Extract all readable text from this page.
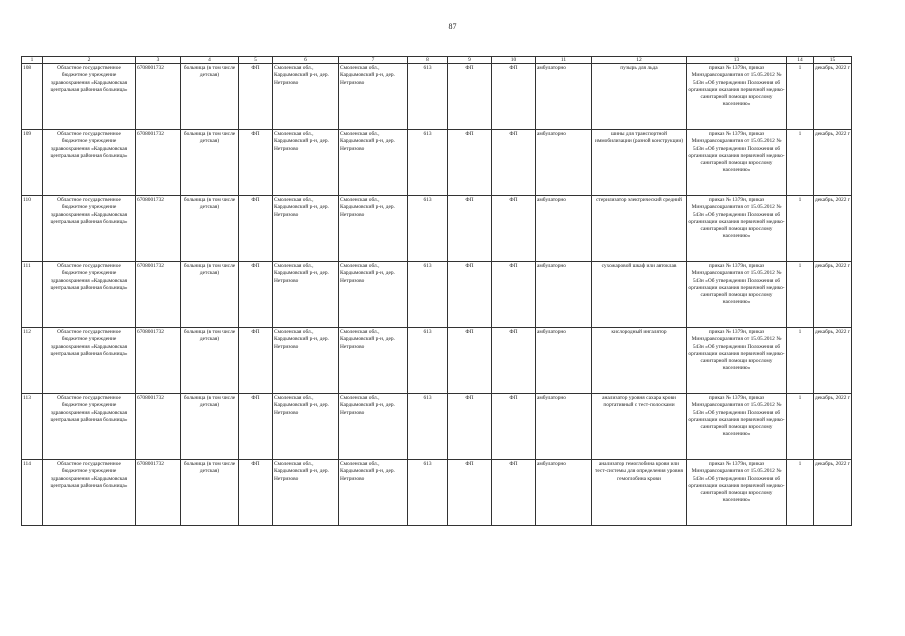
87
1	2	3	4	5	6	7	8	9	10	11	12	13	14	15
108	Областное государственное бюджетное учреждение здравоохранения «Кардымовская центральная районная больница»	6708001732	больница (в том числе детская)	ФП	Смоленская обл., Кардымовский р-н, дер. Нетризово	Смоленская обл., Кардымовский р-н, дер. Нетризово	613	ФП	ФП	амбулаторно	пузырь для льда	приказ № 1379н, приказ Минздравсоцразвития от 15.05.2012 № 543н «Об утверждении Положения об организации оказания первичной медико-санитарной помощи взрослому населению»	1	декабрь, 2022 г
109	Областное государственное бюджетное учреждение здравоохранения «Кардымовская центральная районная больница»	6708001732	больница (в том числе детская)	ФП	Смоленская обл., Кардымовский р-н, дер. Нетризово	Смоленская обл., Кардымовский р-н, дер. Нетризово	613	ФП	ФП	амбулаторно	шины для транспортной иммобилизации (разной конструкции)	приказ № 1379н, приказ Минздравсоцразвития от 15.05.2012 № 543н «Об утверждении Положения об организации оказания первичной медико-санитарной помощи взрослому населению»	1	декабрь, 2022 г
110	Областное государственное бюджетное учреждение здравоохранения «Кардымовская центральная районная больница»	6708001732	больница (в том числе детская)	ФП	Смоленская обл., Кардымовский р-н, дер. Нетризово	Смоленская обл., Кардымовский р-н, дер. Нетризово	613	ФП	ФП	амбулаторно	стерилизатор электрический средний	приказ № 1379н, приказ Минздравсоцразвития от 15.05.2012 № 543н «Об утверждении Положения об организации оказания первичной медико-санитарной помощи взрослому населению»	1	декабрь, 2022 г
111	Областное государственное бюджетное учреждение здравоохранения «Кардымовская центральная районная больница»	6708001732	больница (в том числе детская)	ФП	Смоленская обл., Кардымовский р-н, дер. Нетризово	Смоленская обл., Кардымовский р-н, дер. Нетризово	613	ФП	ФП	амбулаторно	сухожаровой шкаф или автоклав	приказ № 1379н, приказ Минздравсоцразвития от 15.05.2012 № 543н «Об утверждении Положения об организации оказания первичной медико-санитарной помощи взрослому населению»	1	декабрь, 2022 г
112	Областное государственное бюджетное учреждение здравоохранения «Кардымовская центральная районная больница»	6708001732	больница (в том числе детская)	ФП	Смоленская обл., Кардымовский р-н, дер. Нетризово	Смоленская обл., Кардымовский р-н, дер. Нетризово	613	ФП	ФП	амбулаторно	кислородный ингалятор	приказ № 1379н, приказ Минздравсоцразвития от 15.05.2012 № 543н «Об утверждении Положения об организации оказания первичной медико-санитарной помощи взрослому населению»	1	декабрь, 2022 г
113	Областное государственное бюджетное учреждение здравоохранения «Кардымовская центральная районная больница»	6708001732	больница (в том числе детская)	ФП	Смоленская обл., Кардымовский р-н, дер. Нетризово	Смоленская обл., Кардымовский р-н, дер. Нетризово	613	ФП	ФП	амбулаторно	анализатор уровня сахара крови портативный с тест-полосками	приказ № 1379н, приказ Минздравсоцразвития от 15.05.2012 № 543н «Об утверждении Положения об организации оказания первичной медико-санитарной помощи взрослому населению»	1	декабрь, 2022 г
114	Областное государственное бюджетное учреждение здравоохранения «Кардымовская центральная районная больница»	6708001732	больница (в том числе детская)	ФП	Смоленская обл., Кардымовский р-н, дер. Нетризово	Смоленская обл., Кардымовский р-н, дер. Нетризово	613	ФП	ФП	амбулаторно	анализатор гемоглобина крови или тест-системы для определения уровня гемоглобина крови	приказ № 1379н, приказ Минздравсоцразвития от 15.05.2012 № 543н «Об утверждении Положения об организации оказания первичной медико-санитарной помощи взрослому населению»	1	декабрь, 2022 г
